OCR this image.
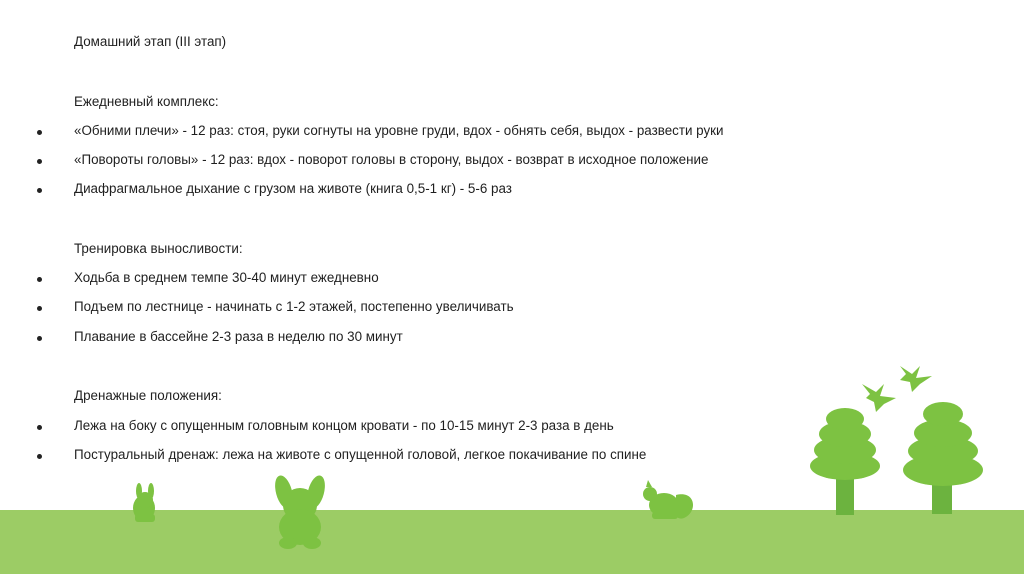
Домашний этап (III этап)
Ежедневный комплекс:
«Обними плечи» - 12 раз: стоя, руки согнуты на уровне груди, вдох - обнять себя, выдох - развести руки
«Повороты головы» - 12 раз: вдох - поворот головы в сторону, выдох - возврат в исходное положение
Диафрагмальное дыхание с грузом на животе (книга 0,5-1 кг) - 5-6 раз
Тренировка выносливости:
Ходьба в среднем темпе 30-40 минут ежедневно
Подъем по лестнице - начинать с 1-2 этажей, постепенно увеличивать
Плавание в бассейне 2-3 раза в неделю по 30 минут
Дренажные положения:
Лежа на боку с опущенным головным концом кровати - по 10-15 минут 2-3 раза в день
Постуральный дренаж: лежа на животе с опущенной головой, легкое покачивание по спине
